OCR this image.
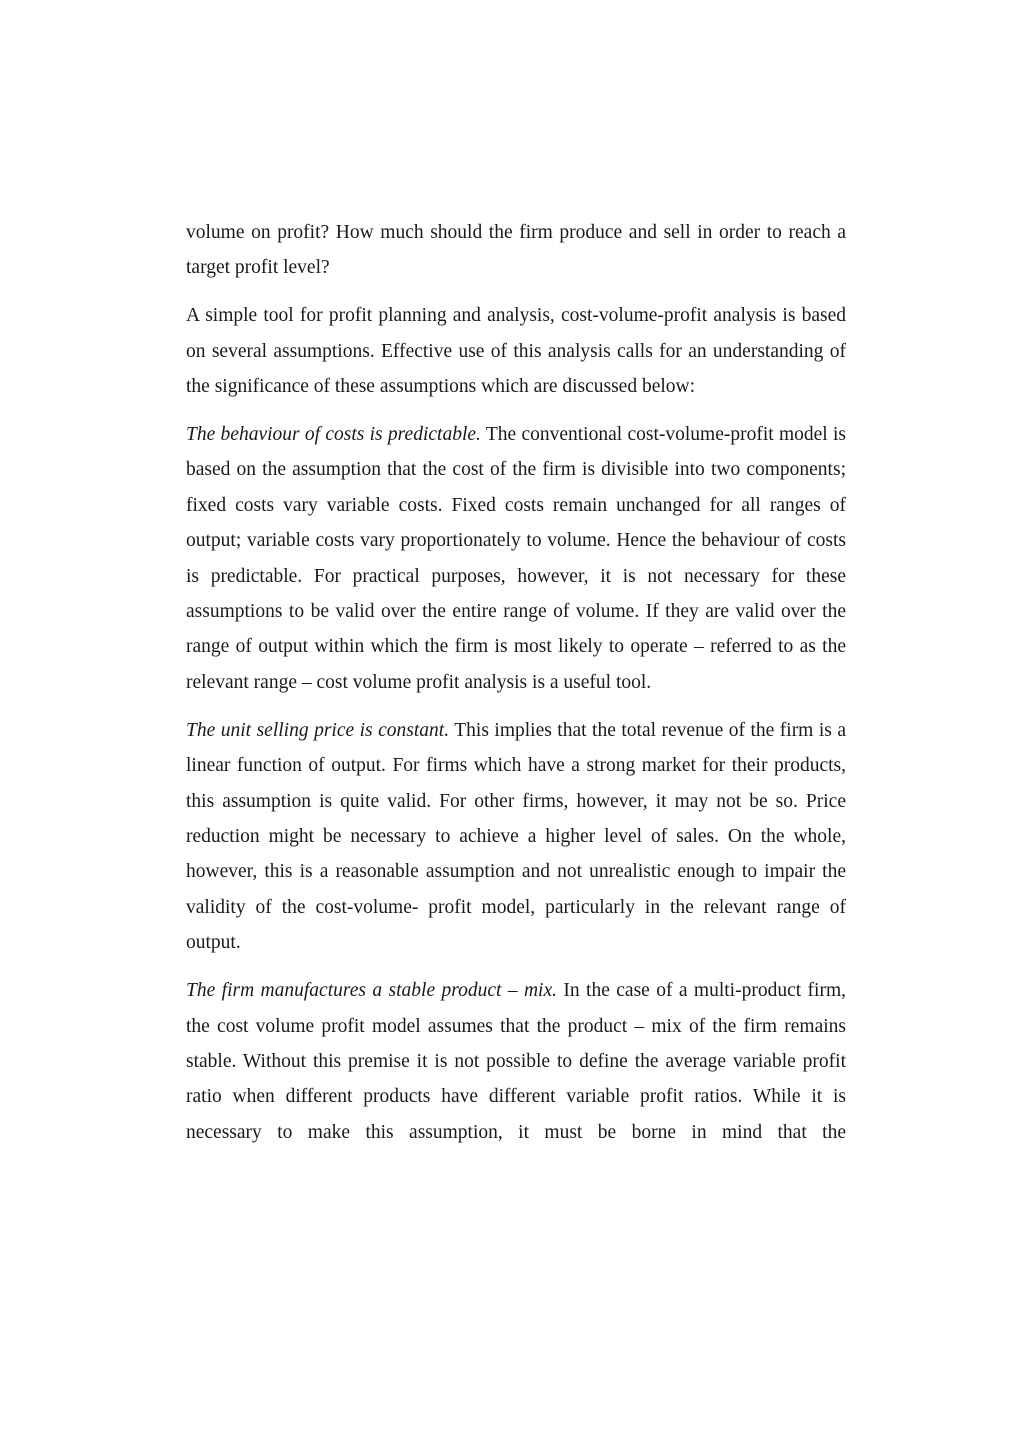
volume on profit? How much should the firm produce and sell in order to reach a target profit level?

A simple tool for profit planning and analysis, cost-volume-profit analysis is based on several assumptions. Effective use of this analysis calls for an understanding of the significance of these assumptions which are discussed below:

The behaviour of costs is predictable. The conventional cost-volume-profit model is based on the assumption that the cost of the firm is divisible into two components; fixed costs vary variable costs. Fixed costs remain unchanged for all ranges of output; variable costs vary proportionately to volume. Hence the behaviour of costs is predictable. For practical purposes, however, it is not necessary for these assumptions to be valid over the entire range of volume. If they are valid over the range of output within which the firm is most likely to operate – referred to as the relevant range – cost volume profit analysis is a useful tool.

The unit selling price is constant. This implies that the total revenue of the firm is a linear function of output. For firms which have a strong market for their products, this assumption is quite valid. For other firms, however, it may not be so. Price reduction might be necessary to achieve a higher level of sales. On the whole, however, this is a reasonable assumption and not unrealistic enough to impair the validity of the cost-volume- profit model, particularly in the relevant range of output.

The firm manufactures a stable product – mix. In the case of a multi-product firm, the cost volume profit model assumes that the product – mix of the firm remains stable. Without this premise it is not possible to define the average variable profit ratio when different products have different variable profit ratios. While it is necessary to make this assumption, it must be borne in mind that the
